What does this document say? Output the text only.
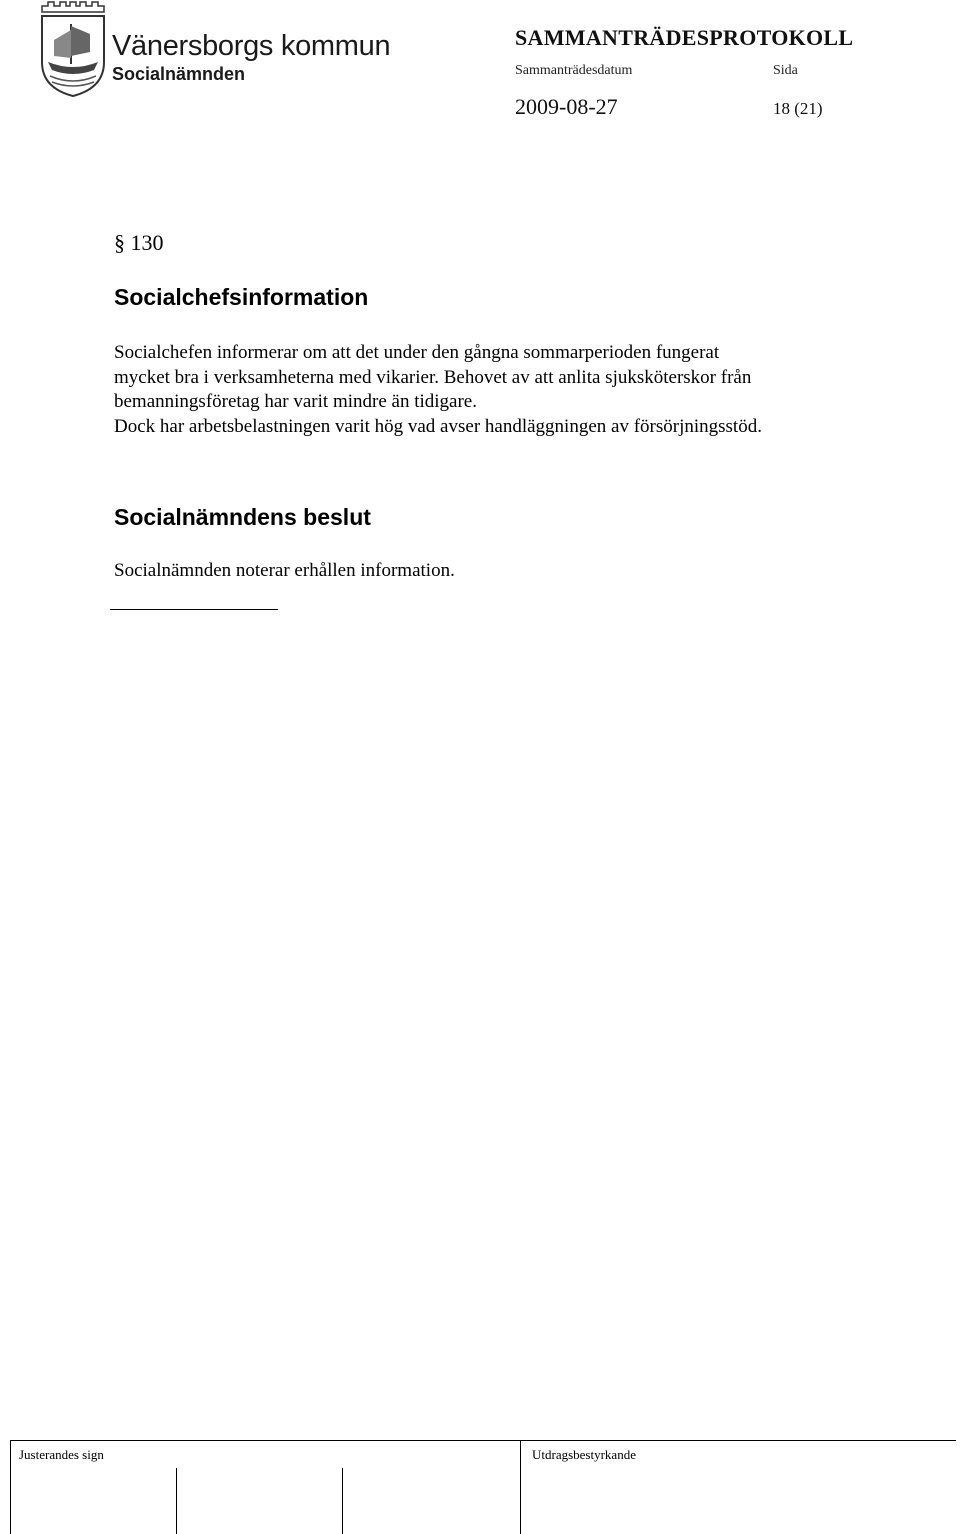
Vänersborgs kommun
Socialnämnden
SAMMANTRÄDESPROTOKOLL
Sammanträdesdatum	Sida
2009-08-27	18 (21)
§ 130
Socialchefsinformation

Socialchefen informerar om att det under den gångna sommarperioden fungerat

mycket bra i verksamheterna med vikarier. Behovet av att anlita sjuksköterskor från

bemanningsföretag har varit mindre än tidigare.

Dock har arbetsbelastningen varit hög vad avser handläggningen av försörjningsstöd.

Socialnämndens beslut
Socialnämnden noterar erhållen information.
Justerandes sign	Utdragsbestyrkande
